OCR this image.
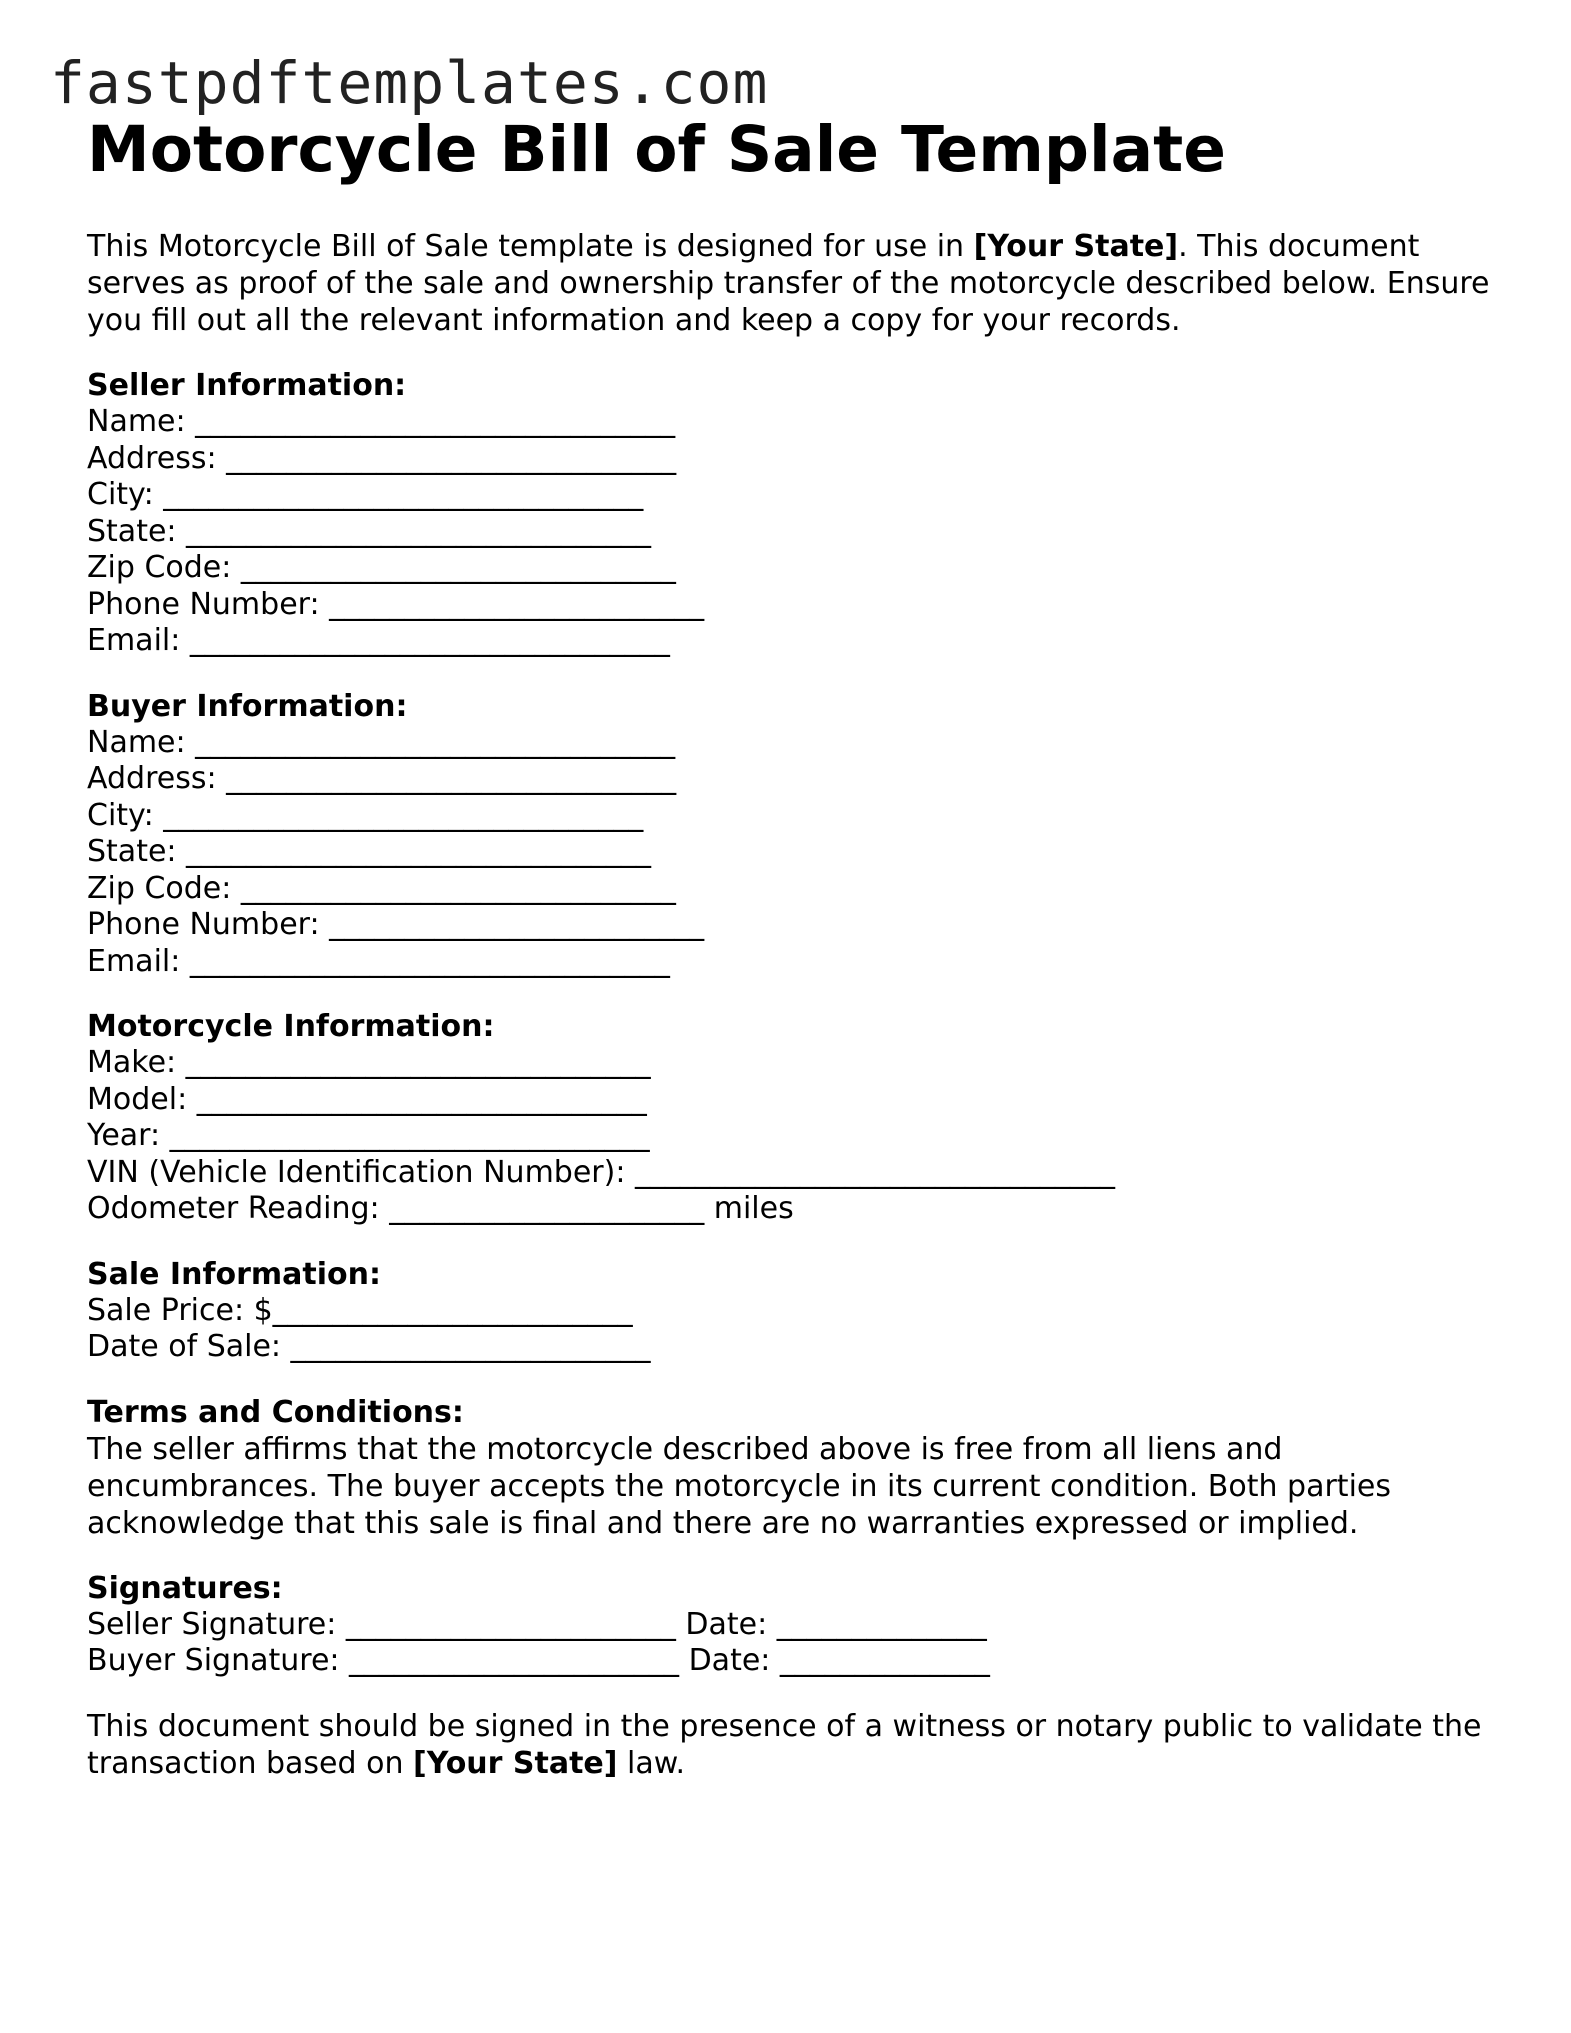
fastpdftemplates.com
Motorcycle Bill of Sale Template
This Motorcycle Bill of Sale template is designed for use in [Your State]. This document serves as proof of the sale and ownership transfer of the motorcycle described below. Ensure you fill out all the relevant information and keep a copy for your records.
Seller Information:
Name: ________________________________
Address: ______________________________
City: ________________________________
State: _______________________________
Zip Code: _____________________________
Phone Number: _________________________
Email: ________________________________
Buyer Information:
Name: ________________________________
Address: ______________________________
City: ________________________________
State: _______________________________
Zip Code: _____________________________
Phone Number: _________________________
Email: ________________________________
Motorcycle Information:
Make: _______________________________
Model: ______________________________
Year: ________________________________
VIN (Vehicle Identification Number): ________________________________
Odometer Reading: _____________________ miles
Sale Information:
Sale Price: $________________________
Date of Sale: ________________________
Terms and Conditions:
The seller affirms that the motorcycle described above is free from all liens and encumbrances. The buyer accepts the motorcycle in its current condition. Both parties acknowledge that this sale is final and there are no warranties expressed or implied.
Signatures:
Seller Signature: ______________________ Date: ______________
Buyer Signature: ______________________ Date: ______________
This document should be signed in the presence of a witness or notary public to validate the transaction based on [Your State] law.
